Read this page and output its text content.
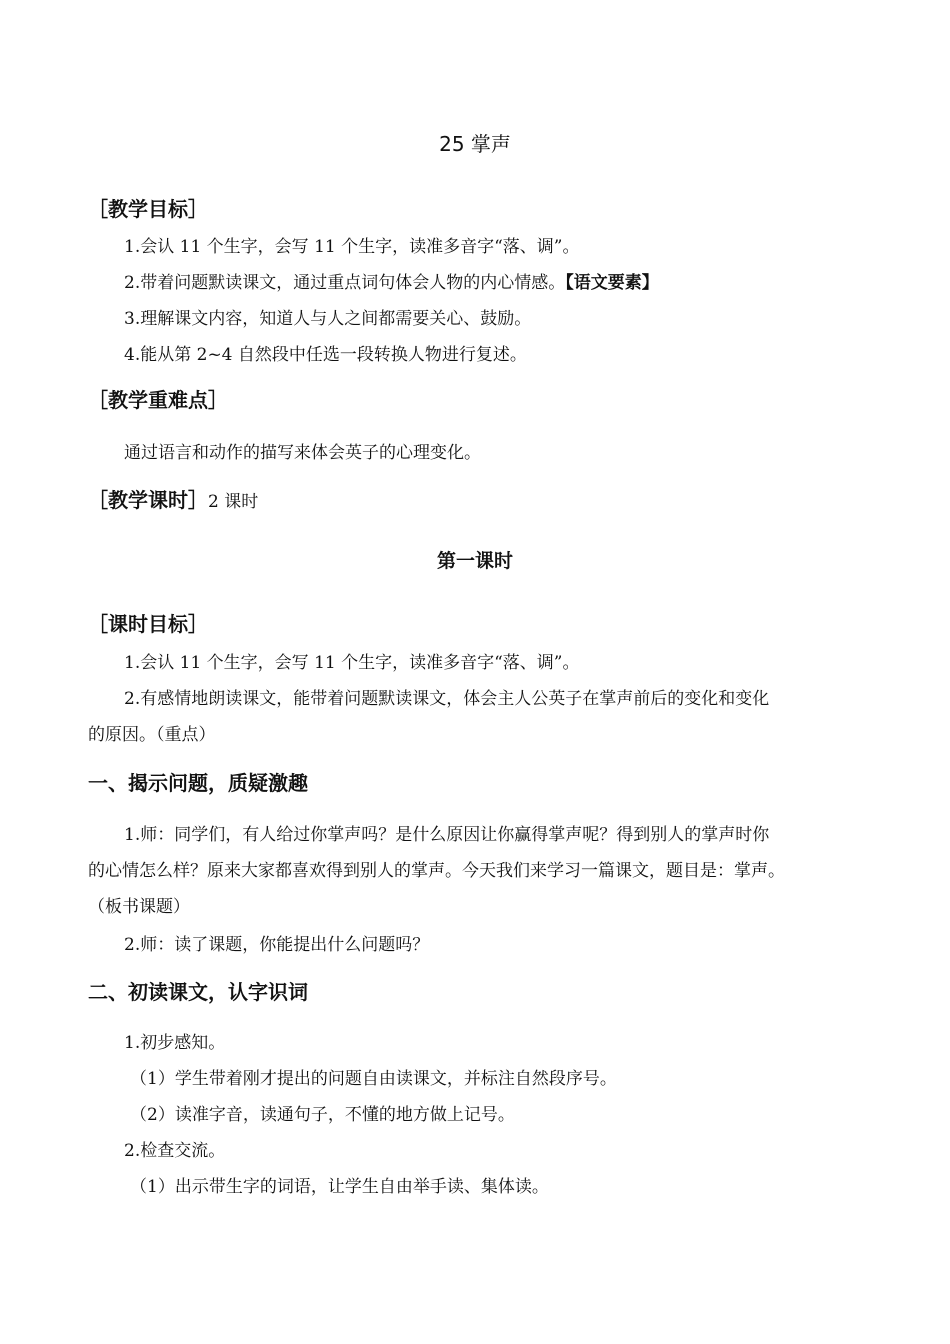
25 掌声
［教学目标］
1.会认 11 个生字，会写 11 个生字，读准多音字“落、调”。
2.带着问题默读课文，通过重点词句体会人物的内心情感。【语文要素】
3.理解课文内容，知道人与人之间都需要关心、鼓励。
4.能从第 2~4 自然段中任选一段转换人物进行复述。
［教学重难点］
通过语言和动作的描写来体会英子的心理变化。
［教学课时］2 课时
第一课时
［课时目标］
1.会认 11 个生字，会写 11 个生字，读准多音字“落、调”。
2.有感情地朗读课文，能带着问题默读课文，体会主人公英子在掌声前后的变化和变化
的原因。（重点）
一、揭示问题，质疑激趣
1.师：同学们，有人给过你掌声吗？是什么原因让你赢得掌声呢？得到别人的掌声时你
的心情怎么样？原来大家都喜欢得到别人的掌声。今天我们来学习一篇课文，题目是：掌声。
（板书课题）
2.师：读了课题，你能提出什么问题吗？
二、初读课文，认字识词
1.初步感知。
（1）学生带着刚才提出的问题自由读课文，并标注自然段序号。
（2）读准字音，读通句子，不懂的地方做上记号。
2.检查交流。
（1）出示带生字的词语，让学生自由举手读、集体读。
